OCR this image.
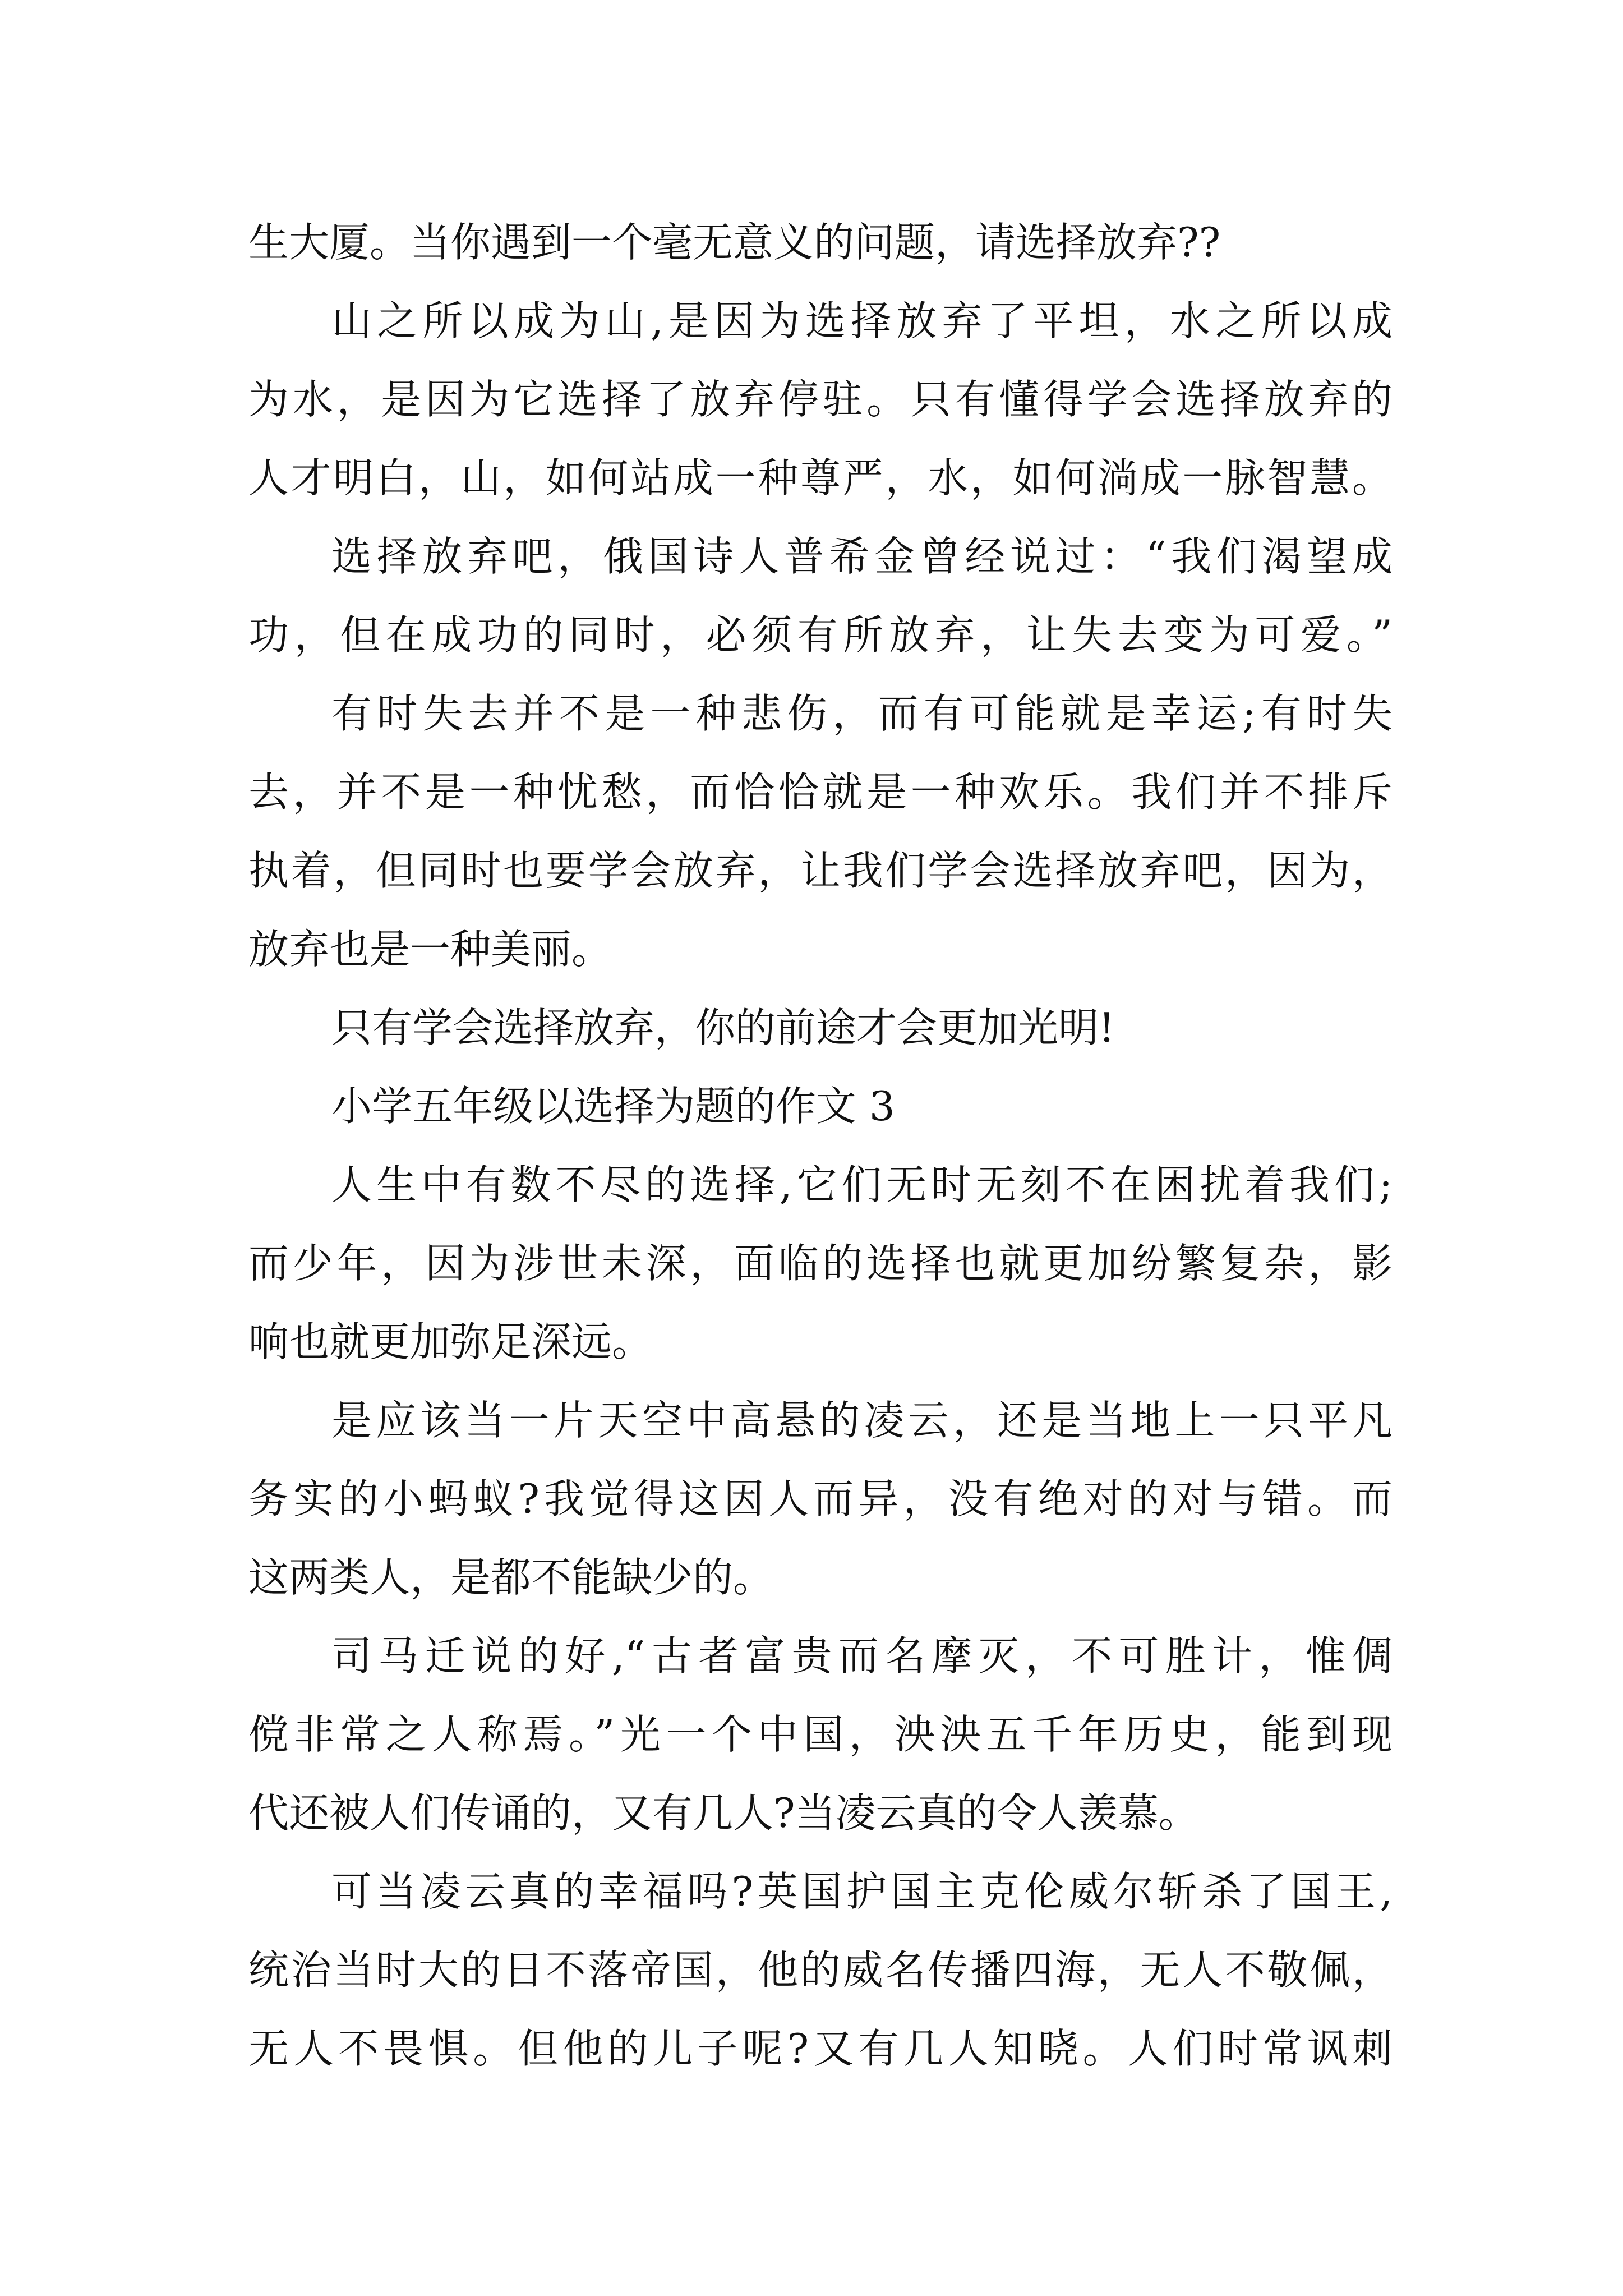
生大厦。当你遇到一个毫无意义的问题，请选择放弃??
山之所以成为山,是因为选择放弃了平坦，水之所以成
为水，是因为它选择了放弃停驻。只有懂得学会选择放弃的
人才明白，山，如何站成一种尊严，水，如何淌成一脉智慧。
选择放弃吧，俄国诗人普希金曾经说过：“我们渴望成
功，但在成功的同时，必须有所放弃，让失去变为可爱。”
有时失去并不是一种悲伤，而有可能就是幸运;有时失
去，并不是一种忧愁，而恰恰就是一种欢乐。我们并不排斥
执着，但同时也要学会放弃，让我们学会选择放弃吧，因为，
放弃也是一种美丽。
只有学会选择放弃，你的前途才会更加光明!
小学五年级以选择为题的作文 3
人生中有数不尽的选择,它们无时无刻不在困扰着我们;
而少年，因为涉世未深，面临的选择也就更加纷繁复杂，影
响也就更加弥足深远。
是应该当一片天空中高悬的凌云，还是当地上一只平凡
务实的小蚂蚁?我觉得这因人而异，没有绝对的对与错。而
这两类人，是都不能缺少的。
司马迁说的好,“古者富贵而名摩灭，不可胜计，惟倜
傥非常之人称焉。”光一个中国，泱泱五千年历史，能到现
代还被人们传诵的，又有几人?当凌云真的令人羡慕。
可当凌云真的幸福吗?英国护国主克伦威尔斩杀了国王,
统治当时大的日不落帝国，他的威名传播四海，无人不敬佩，
无人不畏惧。但他的儿子呢?又有几人知晓。人们时常讽刺
